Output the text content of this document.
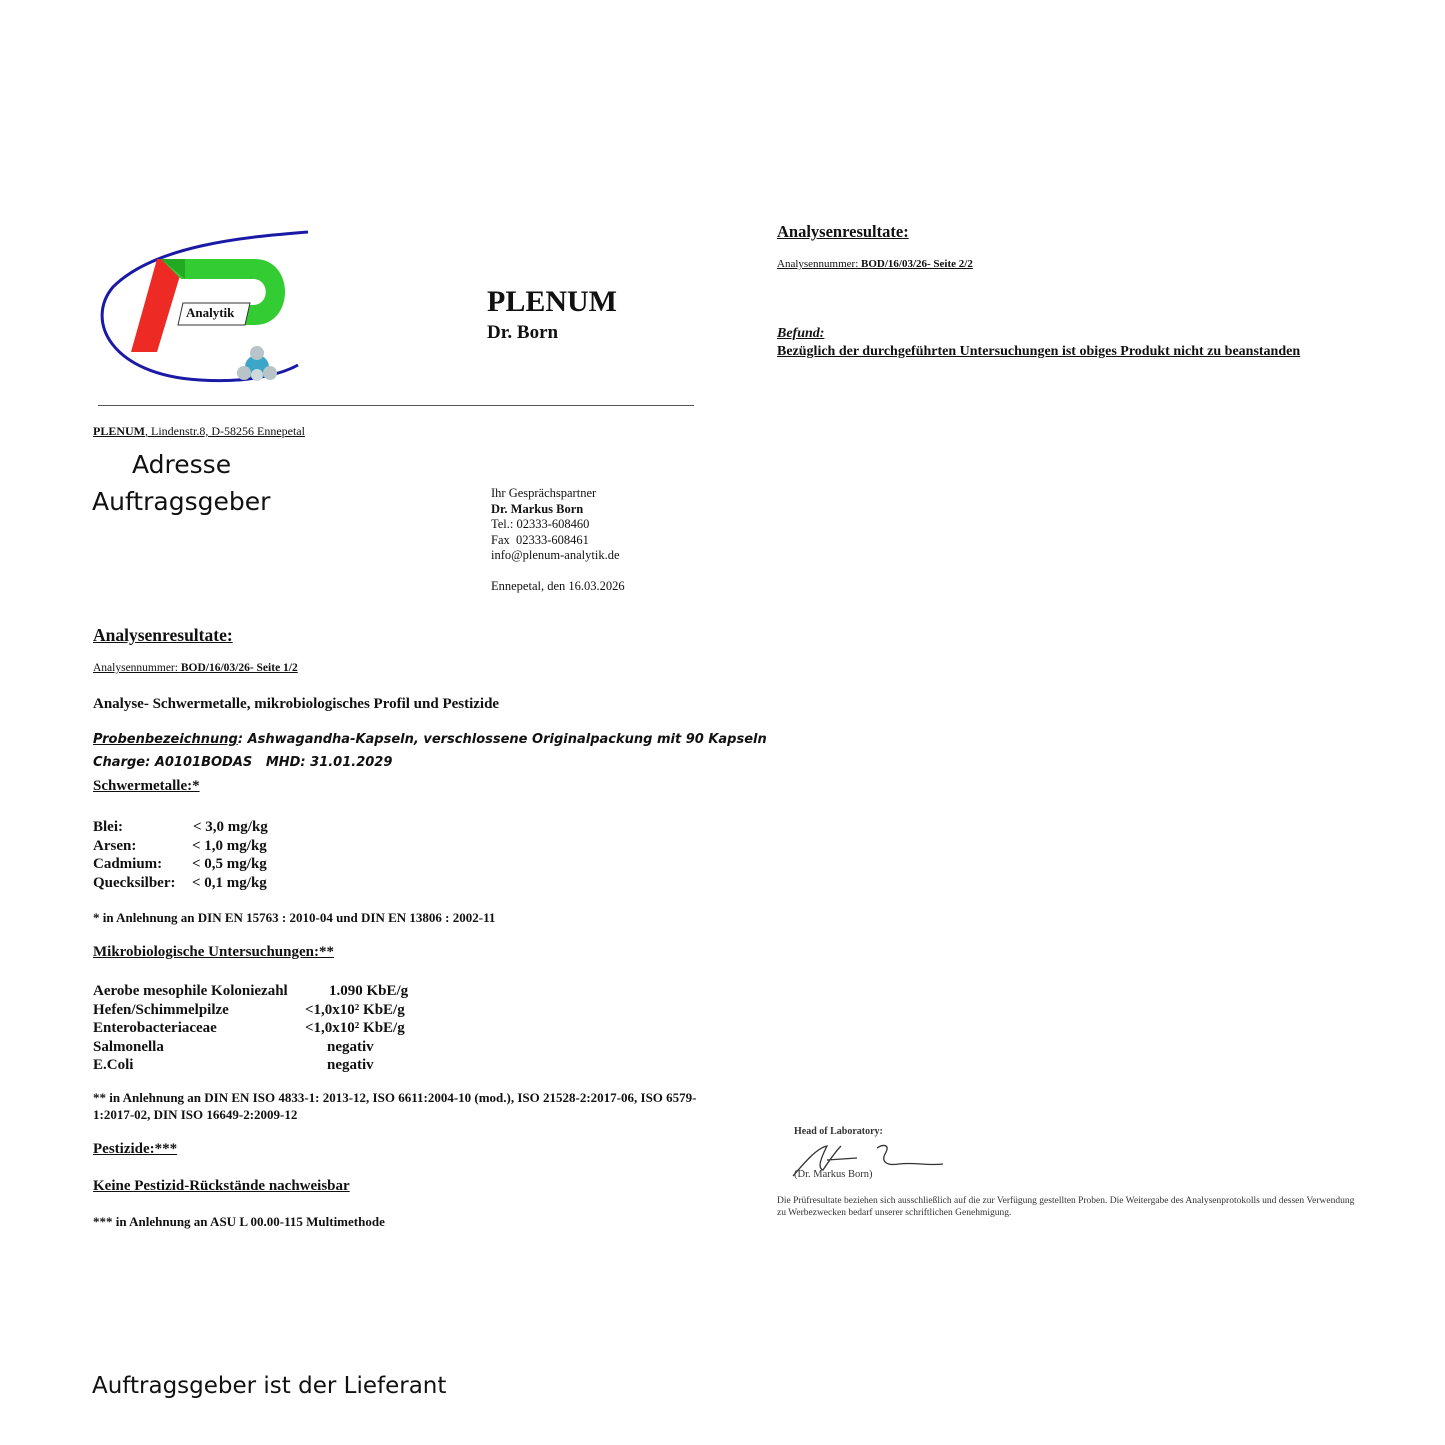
Analytik	PLENUM
Dr. Born
PLENUM, Lindenstr.8, D-58256 Ennepetal
Adresse
Auftragsgeber	Ihr Gesprächspartner
Dr. Markus Born
Tel.: 02333-608460
Fax  02333-608461
info@plenum-analytik.de
Ennepetal, den 16.03.2026
Analysenresultate:
Analysennummer: BOD/16/03/26- Seite 1/2
Analyse- Schwermetalle, mikrobiologisches Profil und Pestizide
Probenbezeichnung: Ashwagandha-Kapseln, verschlossene Originalpackung mit 90 Kapseln
Charge: A0101BODAS   MHD: 31.01.2029
Schwermetalle:*
Blei:	< 3,0 mg/kg
Arsen:	< 1,0 mg/kg
Cadmium:	< 0,5 mg/kg
Quecksilber:	< 0,1 mg/kg
* in Anlehnung an DIN EN 15763 : 2010-04 und DIN EN 13806 : 2002-11
Mikrobiologische Untersuchungen:**
Aerobe mesophile Koloniezahl	1.090 KbE/g
Hefen/Schimmelpilze	<1,0x10² KbE/g
Enterobacteriaceae	<1,0x10² KbE/g
Salmonella	negativ
E.Coli	negativ
** in Anlehnung an DIN EN ISO 4833-1: 2013-12, ISO 6611:2004-10 (mod.), ISO 21528-2:2017-06, ISO 6579-1:2017-02, DIN ISO 16649-2:2009-12
Pestizide:***
Keine Pestizid-Rückstände nachweisbar
*** in Anlehnung an ASU L 00.00-115 Multimethode
Auftragsgeber ist der Lieferant
Analysenresultate:
Analysennummer: BOD/16/03/26- Seite 2/2
Befund:
Bezüglich der durchgeführten Untersuchungen ist obiges Produkt nicht zu beanstanden
Head of Laboratory:
(Dr. Markus Born)
Die Prüfresultate beziehen sich ausschließlich auf die zur Verfügung gestellten Proben. Die Weitergabe des Analysenprotokolls und dessen Verwendung zu Werbezwecken bedarf unserer schriftlichen Genehmigung.
